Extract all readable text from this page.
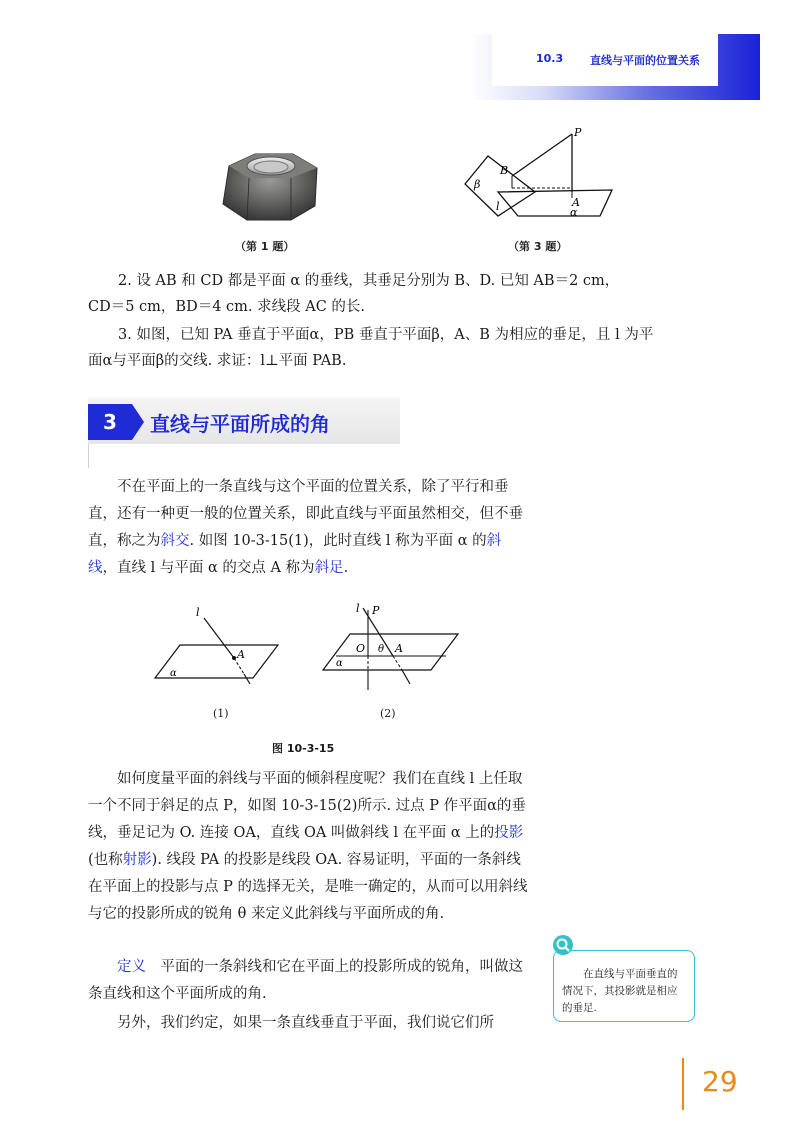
10.3 直线与平面的位置关系
（第 1 题）
P
B
β
l	A
α
（第 3 题）
2. 设 AB 和 CD 都是平面 α 的垂线，其垂足分别为 B、D. 已知 AB＝2 cm，
CD＝5 cm，BD＝4 cm. 求线段 AC 的长.
3. 如图，已知 PA 垂直于平面α，PB 垂直于平面β，A、B 为相应的垂足，且 l 为平
面α与平面β的交线. 求证：l⊥平面 PAB.
3	直线与平面所成的角
不在平面上的一条直线与这个平面的位置关系，除了平行和垂直，还有一种更一般的位置关系，即此直线与平面虽然相交，但不垂直，称之为斜交. 如图 10-3-15(1)，此时直线 l 称为平面 α 的斜线，直线 l 与平面 α 的交点 A 称为斜足.
l
A
α
(1)
l P
O θ A
α
(2)
图 10-3-15
如何度量平面的斜线与平面的倾斜程度呢？我们在直线 l 上任取一个不同于斜足的点 P，如图 10-3-15(2)所示. 过点 P 作平面α的垂线，垂足记为 O. 连接 OA，直线 OA 叫做斜线 l 在平面 α 上的投影(也称射影). 线段 PA 的投影是线段 OA. 容易证明，平面的一条斜线在平面上的投影与点 P 的选择无关，是唯一确定的，从而可以用斜线与它的投影所成的锐角 θ 来定义此斜线与平面所成的角.
定义　平面的一条斜线和它在平面上的投影所成的锐角，叫做这条直线和这个平面所成的角.
另外，我们约定，如果一条直线垂直于平面，我们说它们所
在直线与平面垂直的情况下，其投影就是相应的垂足.
29
